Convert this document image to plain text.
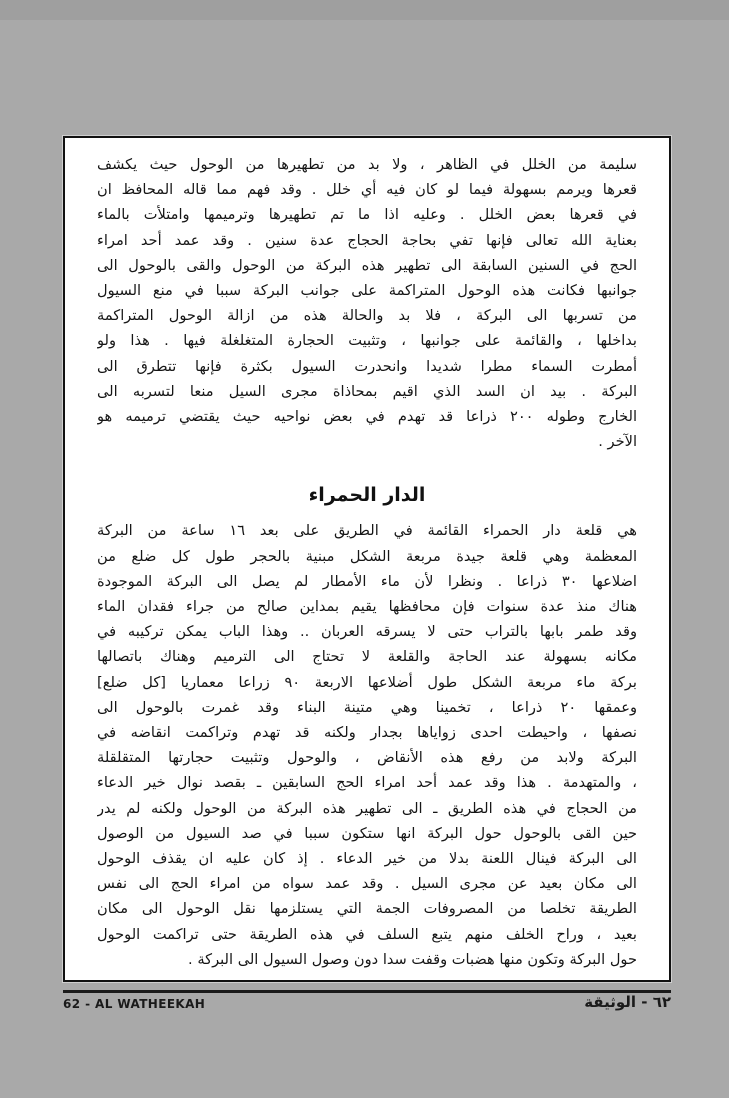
سليمة من الخلل في الظاهر ، ولا بد من تطهيرها من الوحول حيث يكشف

قعرها ويرمم بسهولة فيما لو كان فيه أي خلل . وقد فهم مما قاله المحافظ ان

في قعرها بعض الخلل . وعليه اذا ما تم تطهيرها وترميمها وامتلأت بالماء

بعناية الله تعالى فإنها تفي بحاجة الحجاج عدة سنين . وقد عمد أحد امراء

الحج في السنين السابقة الى تطهير هذه البركة من الوحول والقى بالوحول الى

جوانبها فكانت هذه الوحول المتراكمة على جوانب البركة سببا في منع السيول

من تسربها الى البركة ، فلا بد والحالة هذه من ازالة الوحول المتراكمة

بداخلها ، والقائمة على جوانبها ، وتثبيت الحجارة المتغلغلة فيها . هذا ولو

أمطرت السماء مطرا شديدا وانحدرت السيول بكثرة فإنها تتطرق الى

البركة . بيد ان السد الذي اقيم بمحاذاة مجرى السيل منعا لتسربه الى

الخارج وطوله ٢٠٠ ذراعا قد تهدم في بعض نواحيه حيث يقتضي ترميمه هو

الآخر .

الدار الحمراء

هي قلعة دار الحمراء القائمة في الطريق على بعد ١٦ ساعة من البركة

المعظمة وهي قلعة جيدة مربعة الشكل مبنية بالحجر طول كل ضلع من

اضلاعها ٣٠ ذراعا . ونظرا لأن ماء الأمطار لم يصل الى البركة الموجودة

هناك منذ عدة سنوات فإن محافظها يقيم بمداين صالح من جراء فقدان الماء

وقد طمر بابها بالتراب حتى لا يسرقه العربان .. وهذا الباب يمكن تركيبه في

مكانه بسهولة عند الحاجة والقلعة لا تحتاج الى الترميم وهناك باتصالها

بركة ماء مربعة الشكل طول أضلاعها الاربعة ٩٠ زراعا معماريا [كل ضلع]

وعمقها ٢٠ ذراعا ، تخمينا وهي متينة البناء وقد غمرت بالوحول الى

نصفها ، واحيطت احدى زواياها بجدار ولكنه قد تهدم وتراكمت انقاضه في

البركة ولابد من رفع هذه الأنقاض ، والوحول وتثبيت حجارتها المتقلقلة

، والمتهدمة . هذا وقد عمد أحد امراء الحج السابقين ـ بقصد نوال خير الدعاء

من الحجاج في هذه الطريق ـ الى تطهير هذه البركة من الوحول ولكنه لم يدر

حين القى بالوحول حول البركة انها ستكون سببا في صد السيول من الوصول

الى البركة فينال اللعنة بدلا من خير الدعاء . إذ كان عليه ان يقذف الوحول

الى مكان بعيد عن مجرى السيل . وقد عمد سواه من امراء الحج الى نفس

الطريقة تخلصا من المصروفات الجمة التي يستلزمها نقل الوحول الى مكان

بعيد ، وراح الخلف منهم يتبع السلف في هذه الطريقة حتى تراكمت الوحول

حول البركة وتكون منها هضبات وقفت سدا دون وصول السيول الى البركة .

62 - AL WATHEEKAH	٦٢ - الوثيقة
